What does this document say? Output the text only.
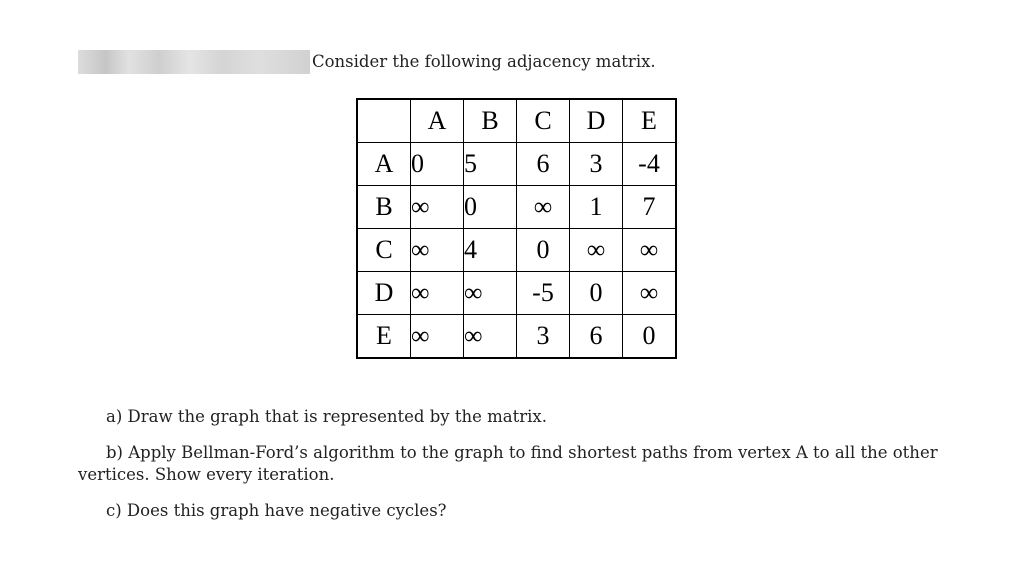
Consider the following adjacency matrix.
	A	B	C	D	E
A	0	5	6	3	-4
B	∞	0	∞	1	7
C	∞	4	0	∞	∞
D	∞	∞	-5	0	∞
E	∞	∞	3	6	0
a) Draw the graph that is represented by the matrix.
b) Apply Bellman-Ford’s algorithm to the graph to find shortest paths from vertex A to all the other vertices. Show every iteration.
c) Does this graph have negative cycles?
